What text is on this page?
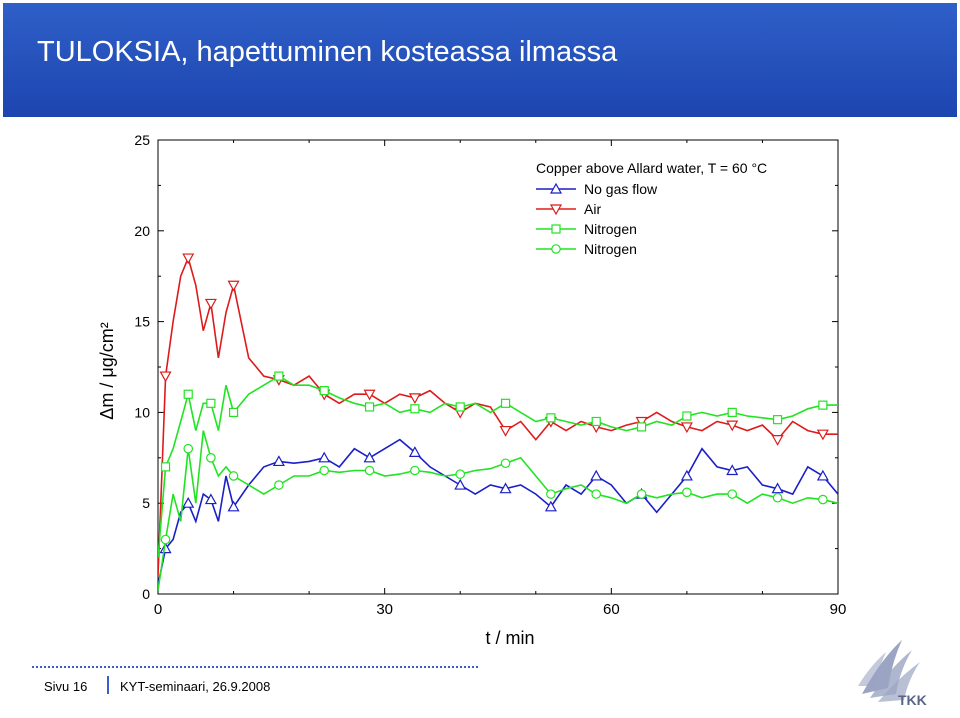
TULOKSIA, hapettuminen kosteassa ilmassa
0
5
10
15
20
25
0	30	60	90
t / min
Δm / μg/cm²
Copper above Allard water, T = 60 °C
No gas flow
Air
Nitrogen
Nitrogen
Sivu 16	KYT-seminaari, 26.9.2008
TKK
